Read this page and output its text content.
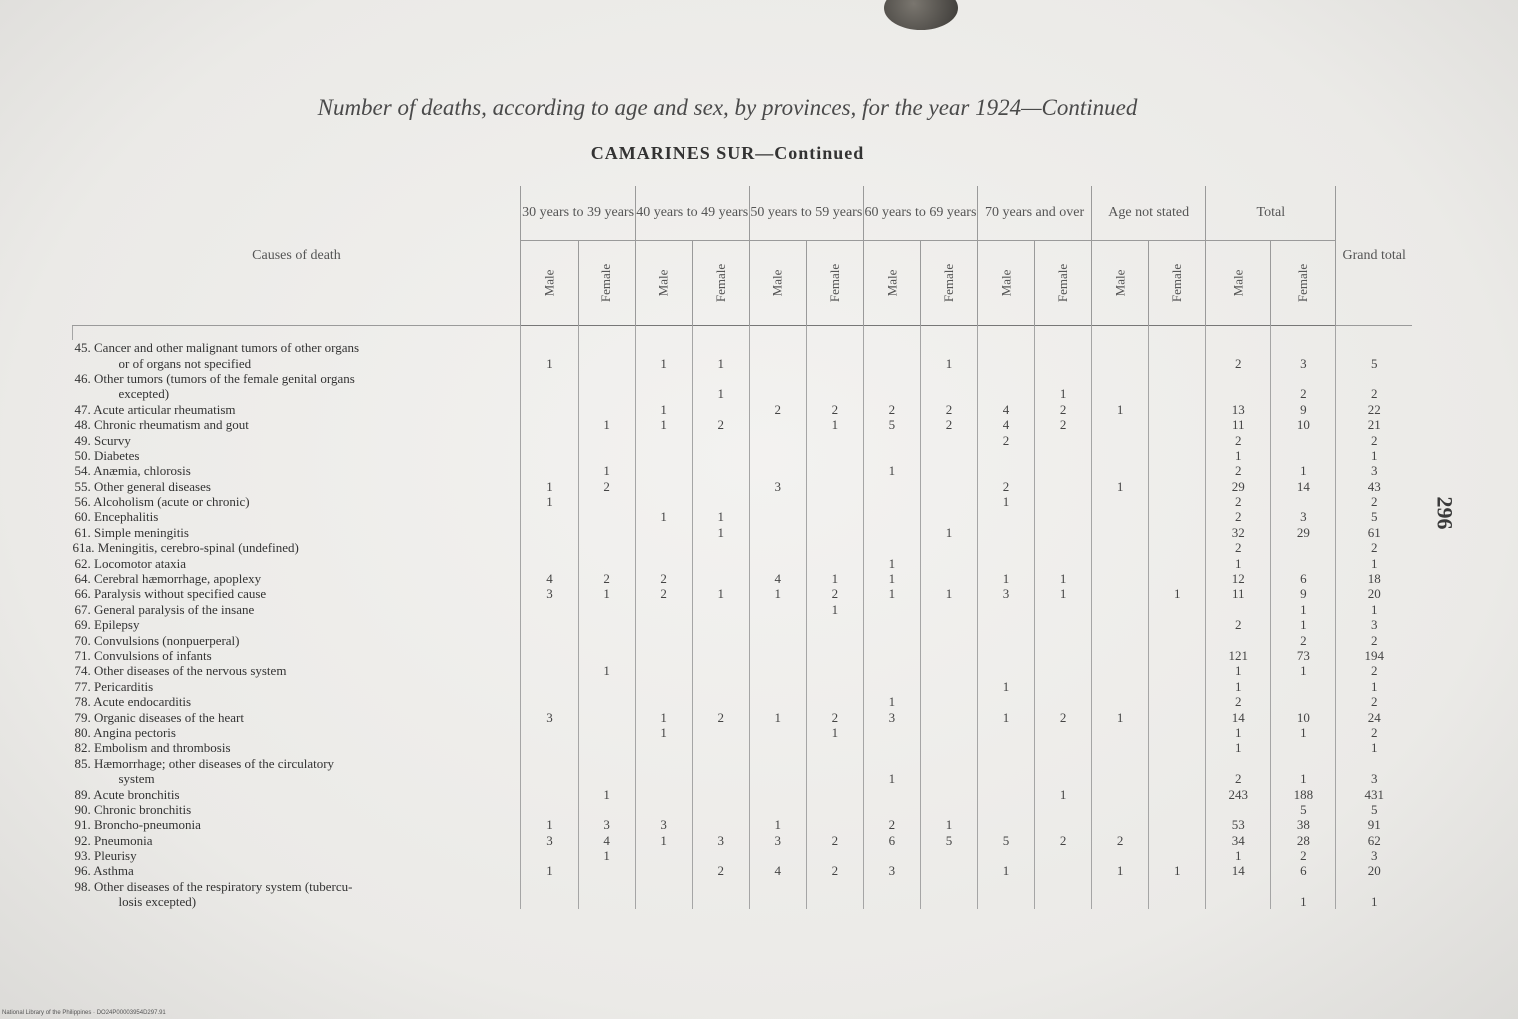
Number of deaths, according to age and sex, by provinces, for the year 1924—Continued
CAMARINES SUR—Continued
296
National Library of the Philippines · DO24P00003954D297.91
Causes of death	30 years to 39 years		40 years to 49 years		50 years to 59 years		60 years to 69 years		70 years and over		Age not stated		Total		Grand total
	Male	Female	Male	Female	Male	Female	Male	Female	Male	Female	Male	Female	Male	Female	

45. Cancer and other malignant tumors of other organs															
or of organs not specified	1		1	1				1					2	3	5
46. Other tumors (tumors of the female genital organs															
excepted)				1						1				2	2
47. Acute articular rheumatism			1		2	2	2	2	4	2	1		13	9	22
48. Chronic rheumatism and gout		1	1	2		1	5	2	4	2			11	10	21
49. Scurvy									2				2		2
50. Diabetes													1		1
54. Anæmia, chlorosis		1					1						2	1	3
55. Other general diseases	1	2			3				2		1		29	14	43
56. Alcoholism (acute or chronic)	1								1				2		2
60. Encephalitis			1	1									2	3	5
61. Simple meningitis				1				1					32	29	61
61a. Meningitis, cerebro-spinal (undefined)													2		2
62. Locomotor ataxia							1						1		1
64. Cerebral hæmorrhage, apoplexy	4	2	2		4	1	1		1	1			12	6	18
66. Paralysis without specified cause	3	1	2	1	1	2	1	1	3	1		1	11	9	20
67. General paralysis of the insane						1								1	1
69. Epilepsy													2	1	3
70. Convulsions (nonpuerperal)														2	2
71. Convulsions of infants													121	73	194
74. Other diseases of the nervous system		1											1	1	2
77. Pericarditis									1				1		1
78. Acute endocarditis							1						2		2
79. Organic diseases of the heart	3		1	2	1	2	3		1	2	1		14	10	24
80. Angina pectoris			1			1							1	1	2
82. Embolism and thrombosis													1		1
85. Hæmorrhage; other diseases of the circulatory															
system							1						2	1	3
89. Acute bronchitis		1								1			243	188	431
90. Chronic bronchitis														5	5
91. Broncho-pneumonia	1	3	3		1		2	1					53	38	91
92. Pneumonia	3	4	1	3	3	2	6	5	5	2	2		34	28	62
93. Pleurisy		1											1	2	3
96. Asthma	1			2	4	2	3		1		1	1	14	6	20
98. Other diseases of the respiratory system (tubercu-															
losis excepted)														1	1
